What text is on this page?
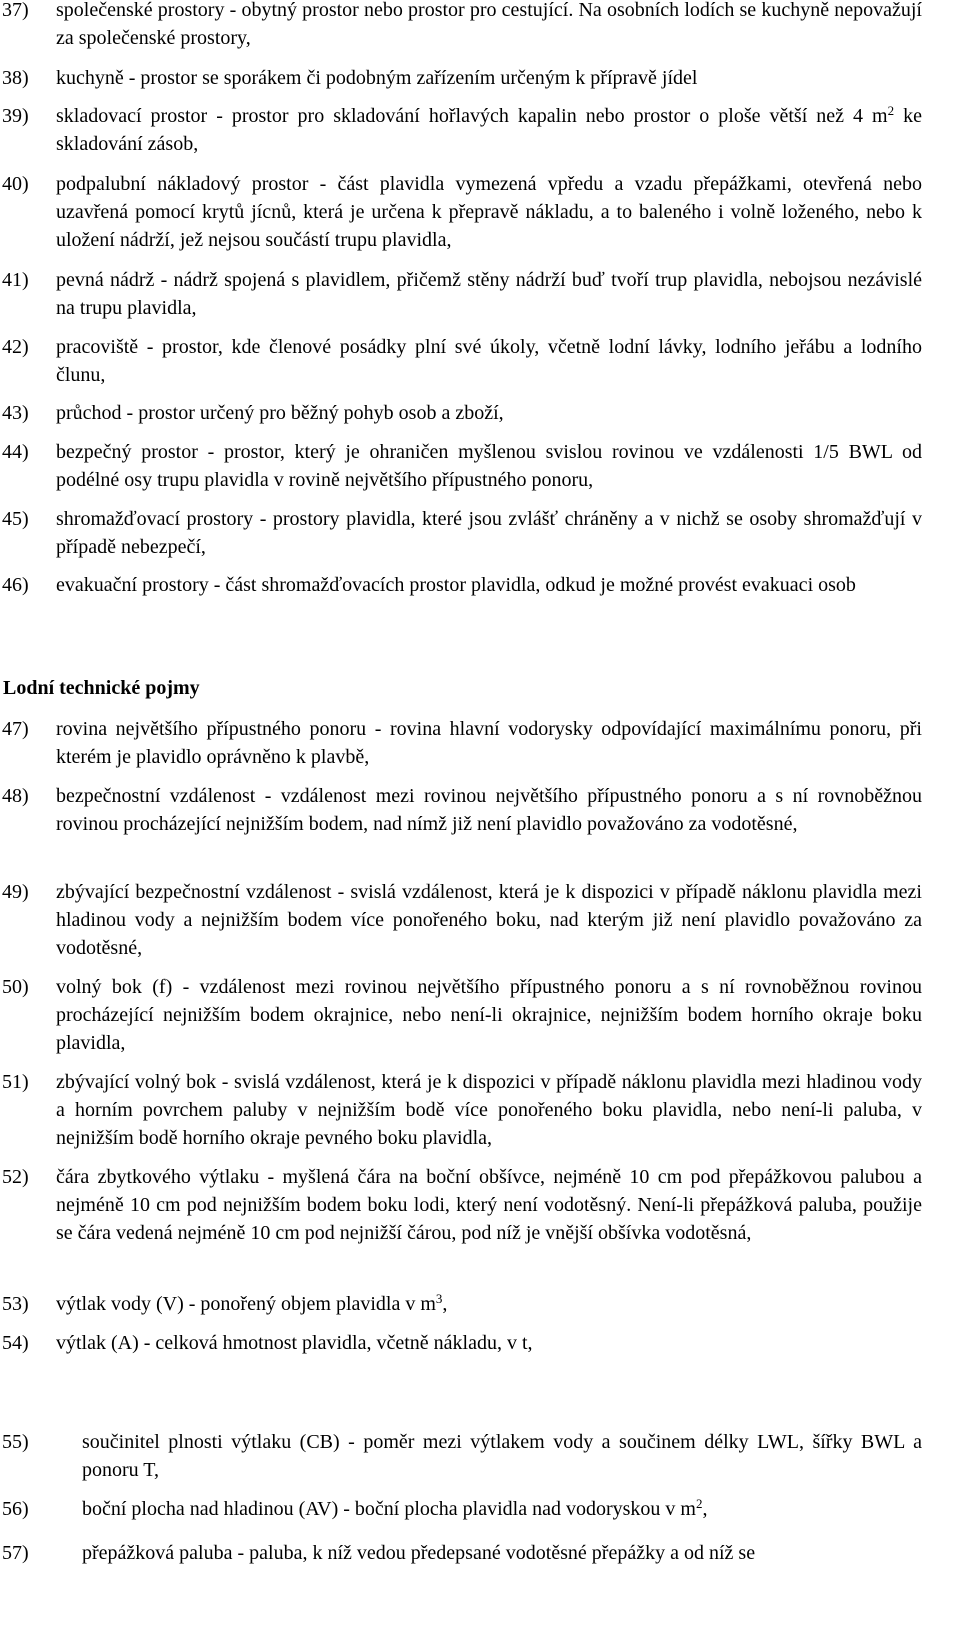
37) společenské prostory - obytný prostor nebo prostor pro cestující. Na osobních lodích se kuchyně nepovažují za společenské prostory,
38) kuchyně - prostor se sporákem či podobným zařízením určeným k přípravě jídel
39) skladovací prostor - prostor pro skladování hořlavých kapalin nebo prostor o ploše větší než 4 $m^2$ ke skladování zásob,
40) podpalubní nákladový prostor - část plavidla vymezená vpředu a vzadu přepážkami, otevřená nebo uzavřená pomocí krytů jícnů, která je určena k přepravě nákladu, a to baleného i volně loženého, nebo k uložení nádrží, jež nejsou součástí trupu plavidla,
41) pevná nádrž - nádrž spojená s plavidlem, přičemž stěny nádrží buď tvoří trup plavidla, nebojsou nezávislé na trupu plavidla,
42) pracoviště - prostor, kde členové posádky plní své úkoly, včetně lodní lávky, lodního jeřábu a lodního člunu,
43) průchod - prostor určený pro běžný pohyb osob a zboží,
44) bezpečný prostor - prostor, který je ohraničen myšlenou svislou rovinou ve vzdálenosti 1/5 BWL od podélné osy trupu plavidla v rovině největšího přípustného ponoru,
45) shromažďovací prostory - prostory plavidla, které jsou zvlášť chráněny a v nichž se osoby shromažďují v případě nebezpečí,
46) evakuační prostory - část shromažďovacích prostor plavidla, odkud je možné provést evakuaci osob
Lodní technické pojmy
47) rovina největšího přípustného ponoru - rovina hlavní vodorysky odpovídající maximálnímu ponoru, při kterém je plavidlo oprávněno k plavbě,
48) bezpečnostní vzdálenost - vzdálenost mezi rovinou největšího přípustného ponoru a s ní rovnoběžnou rovinou procházející nejnižším bodem, nad nímž již není plavidlo považováno za vodotěsné,
49) zbývající bezpečnostní vzdálenost - svislá vzdálenost, která je k dispozici v případě náklonu plavidla mezi hladinou vody a nejnižším bodem více ponořeného boku, nad kterým již není plavidlo považováno za vodotěsné,
50) volný bok (f) - vzdálenost mezi rovinou největšího přípustného ponoru a s ní rovnoběžnou rovinou procházející nejnižším bodem okrajnice, nebo není-li okrajnice, nejnižším bodem horního okraje boku plavidla,
51) zbývající volný bok - svislá vzdálenost, která je k dispozici v případě náklonu plavidla mezi hladinou vody a horním povrchem paluby v nejnižším bodě více ponořeného boku plavidla, nebo není-li paluba, v nejnižším bodě horního okraje pevného boku plavidla,
52) čára zbytkového výtlaku - myšlená čára na boční obšívce, nejméně 10 cm pod přepážkovou palubou a nejméně 10 cm pod nejnižším bodem boku lodi, který není vodotěsný. Není-li přepážková paluba, použije se čára vedená nejméně 10 cm pod nejnižší čárou, pod níž je vnější obšívka vodotěsná,
53) výtlak vody (V) - ponořený objem plavidla v $m^3$,
54) výtlak (A) - celková hmotnost plavidla, včetně nákladu, v t,
55)	součinitel plnosti výtlaku (CB) - poměr mezi výtlakem vody a součinem délky LWL, šířky BWL a ponoru T,
56)	boční plocha nad hladinou (AV) - boční plocha plavidla nad vodoryskou v $m^2$,
57)	přepážková paluba - paluba, k níž vedou předepsané vodotěsné přepážky a od níž se
